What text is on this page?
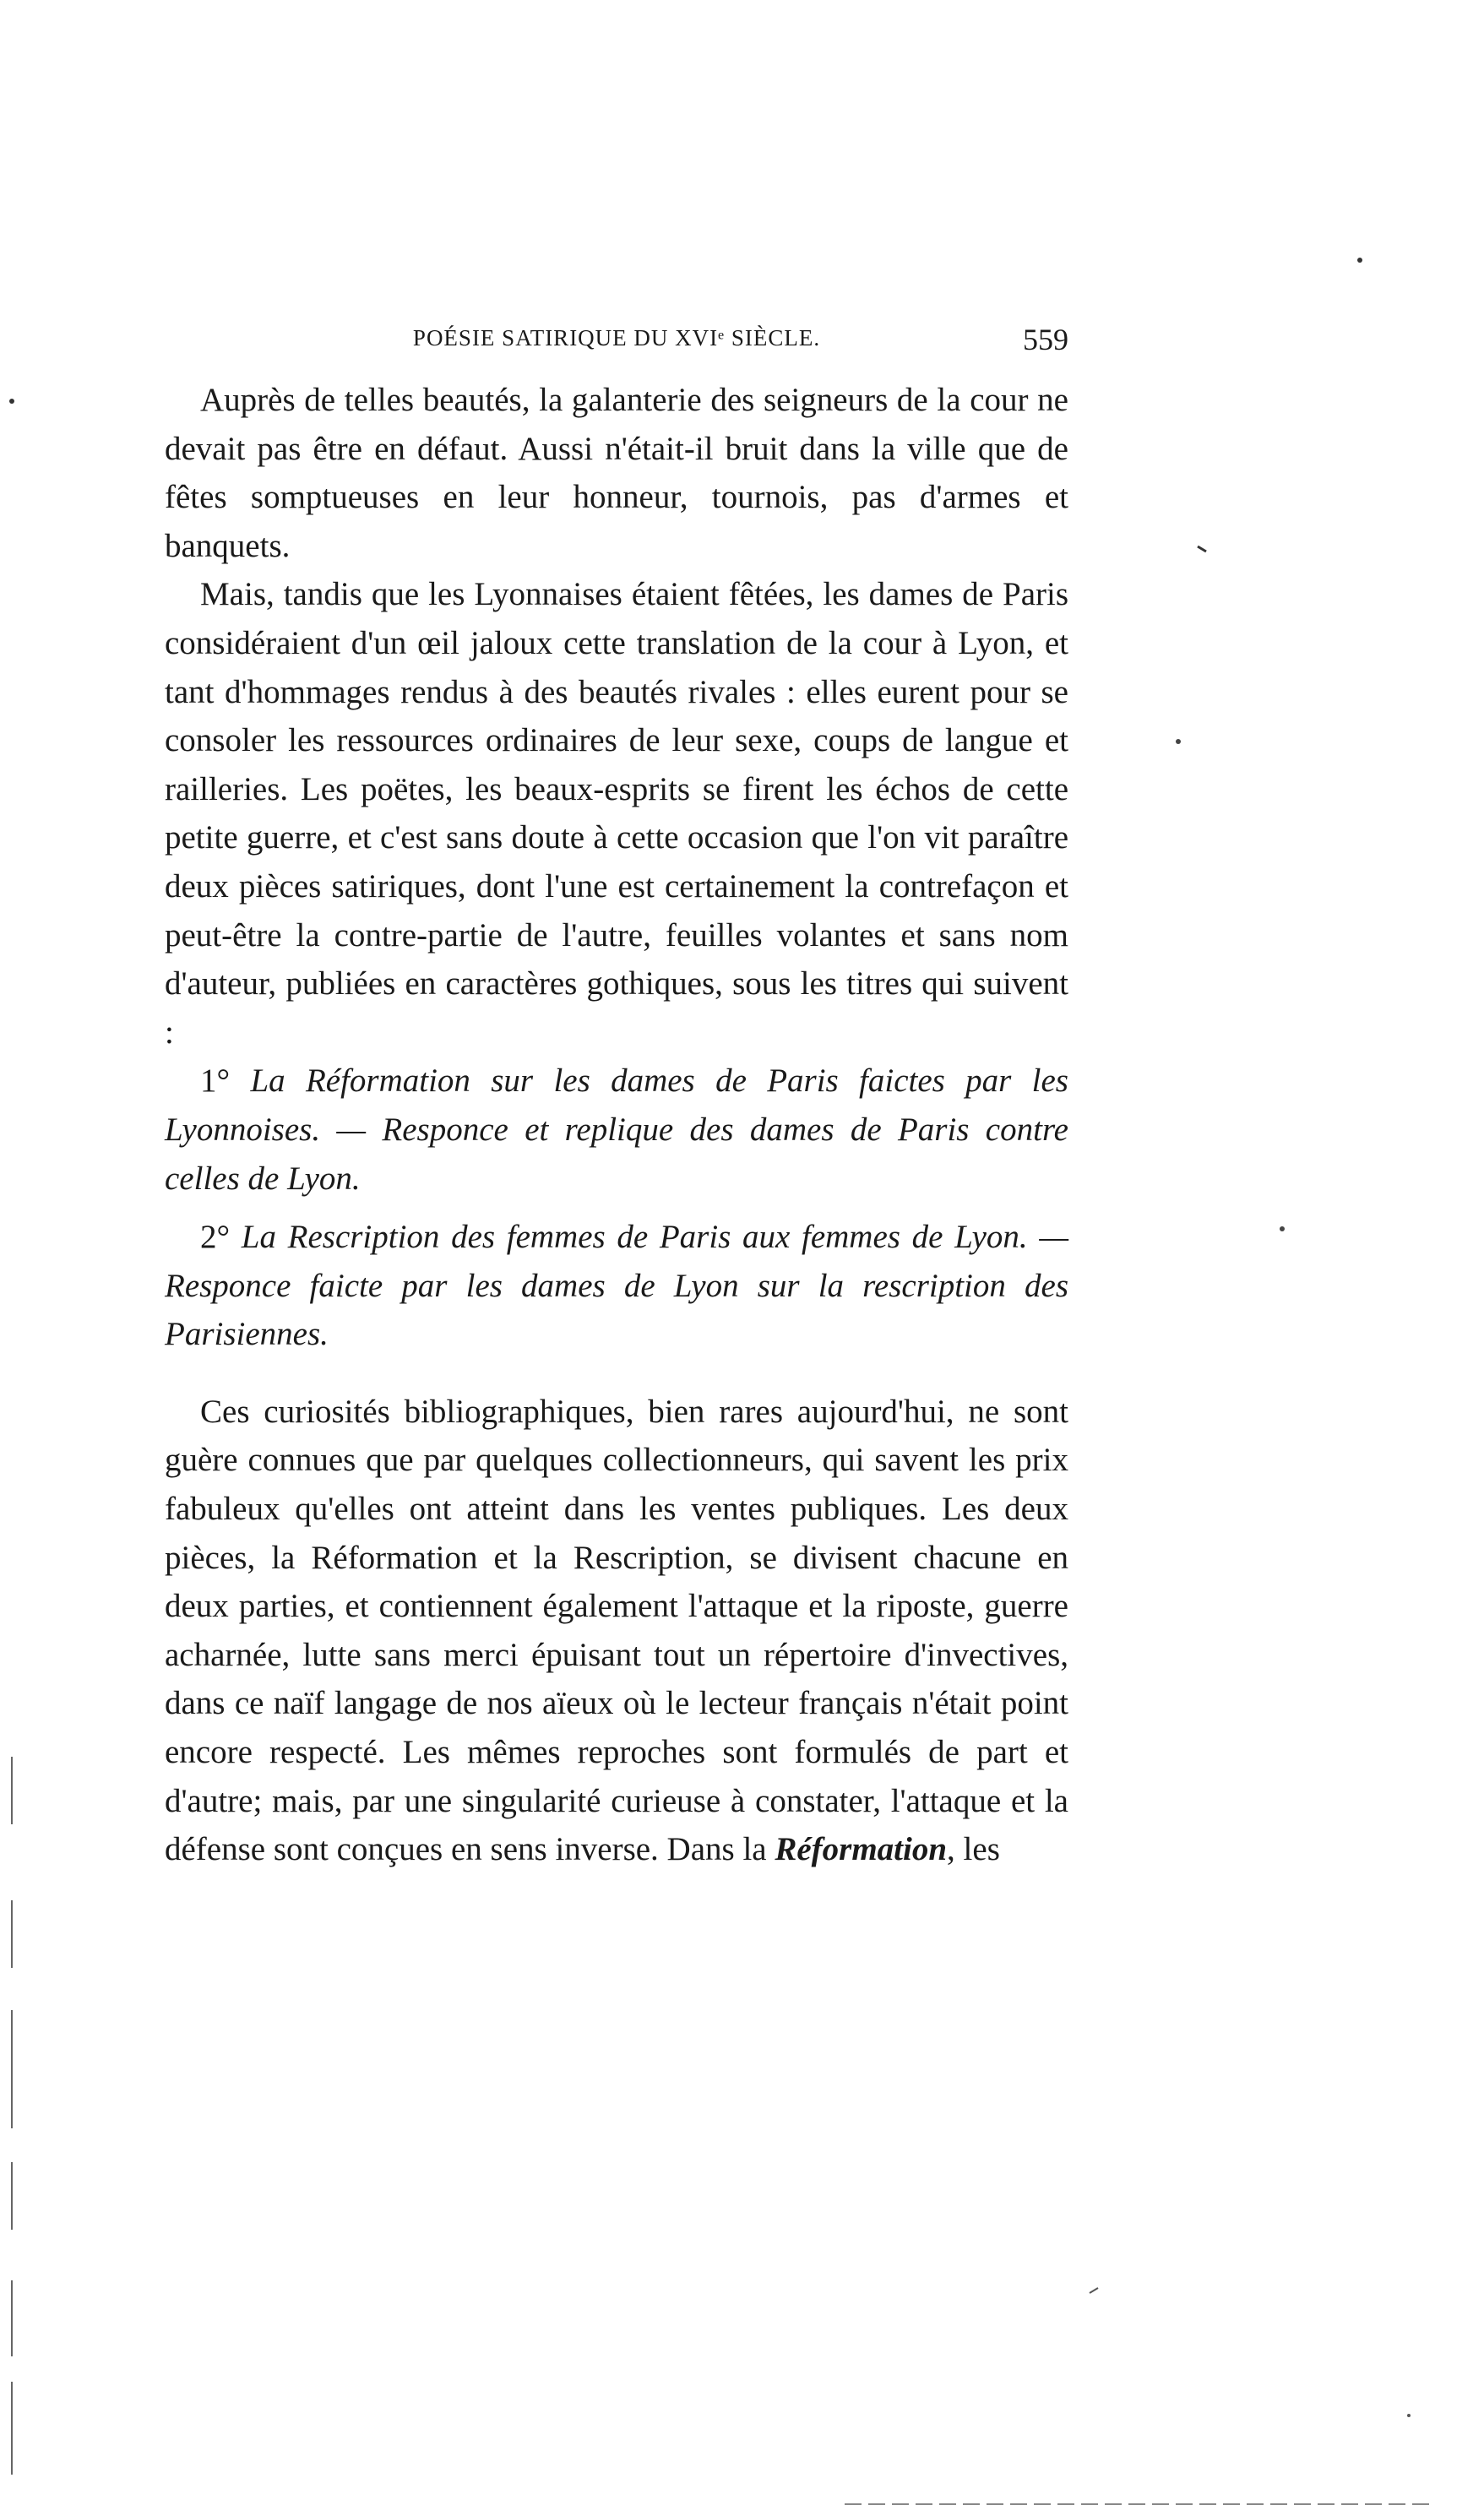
POÉSIE SATIRIQUE DU XVIᵉ SIÈCLE.	559

Auprès de telles beautés, la galanterie des seigneurs de la cour ne devait pas être en défaut. Aussi n'était-il bruit dans la ville que de fêtes somptueuses en leur honneur, tournois, pas d'armes et banquets.

Mais, tandis que les Lyonnaises étaient fêtées, les dames de Paris considéraient d'un œil jaloux cette translation de la cour à Lyon, et tant d'hommages rendus à des beautés rivales : elles eurent pour se consoler les ressources ordinaires de leur sexe, coups de langue et railleries. Les poëtes, les beaux-esprits se firent les échos de cette petite guerre, et c'est sans doute à cette occasion que l'on vit paraître deux pièces satiriques, dont l'une est certainement la contrefaçon et peut-être la contre-partie de l'autre, feuilles volantes et sans nom d'auteur, publiées en caractères gothiques, sous les titres qui suivent :

1° La Réformation sur les dames de Paris faictes par les Lyonnoises. — Responce et replique des dames de Paris contre celles de Lyon.

2° La Rescription des femmes de Paris aux femmes de Lyon. —Responce faicte par les dames de Lyon sur la rescription des Parisiennes.

Ces curiosités bibliographiques, bien rares aujourd'hui, ne sont guère connues que par quelques collectionneurs, qui savent les prix fabuleux qu'elles ont atteint dans les ventes publiques. Les deux pièces, la Réformation et la Rescription, se divisent chacune en deux parties, et contiennent également l'attaque et la riposte, guerre acharnée, lutte sans merci épuisant tout un répertoire d'invectives, dans ce naïf langage de nos aïeux où le lecteur français n'était point encore respecté. Les mêmes reproches sont formulés de part et d'autre; mais, par une singularité curieuse à constater, l'attaque et la défense sont conçues en sens inverse. Dans la Réformation, les
